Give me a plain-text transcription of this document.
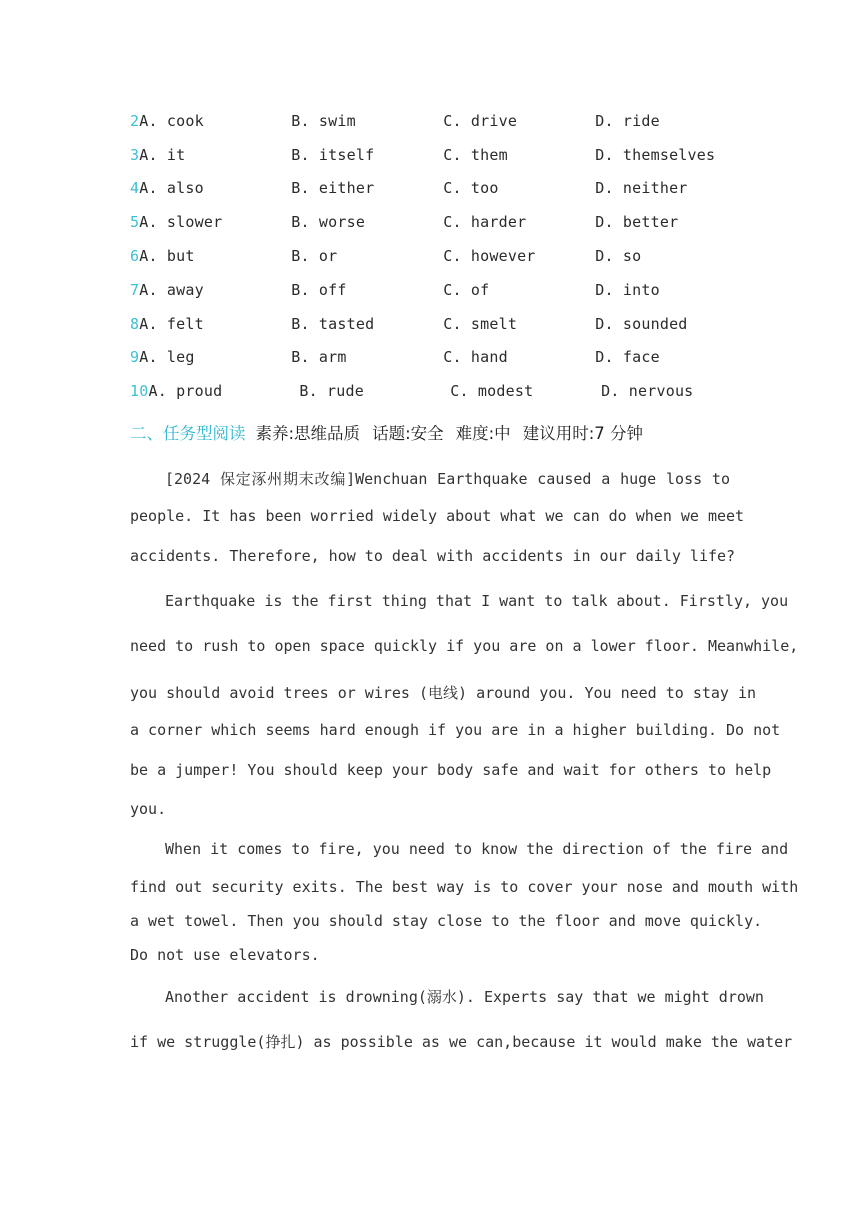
2 A. cook	B. swim	C. drive	D. ride
3 A. it	B. itself	C. them	D. themselves
4 A. also	B. either	C. too	D. neither
5 A. slower	B. worse	C. harder	D. better
6 A. but	B. or	C. however	D. so
7 A. away	B. off	C. of	D. into
8 A. felt	B. tasted	C. smelt	D. sounded
9 A. leg	B. arm	C. hand	D. face
10 A. proud	B. rude	C. modest	D. nervous
二、任务型阅读 素养:思维品质 话题:安全 难度:中 建议用时:7 分钟
[2024 保定涿州期末改编]Wenchuan Earthquake caused a huge loss to
people. It has been worried widely about what we can do when we meet
accidents. Therefore, how to deal with accidents in our daily life?
Earthquake is the first thing that I want to talk about. Firstly, you
need to rush to open space quickly if you are on a lower floor. Meanwhile,
you should avoid trees or wires (电线) around you. You need to stay in
a corner which seems hard enough if you are in a higher building. Do not
be a jumper! You should keep your body safe and wait for others to help
you.
When it comes to fire, you need to know the direction of the fire and
find out security exits. The best way is to cover your nose and mouth with
a wet towel. Then you should stay close to the floor and move quickly.
Do not use elevators.
Another accident is drowning(溺水). Experts say that we might drown
if we struggle(挣扎) as possible as we can,because it would make the water
